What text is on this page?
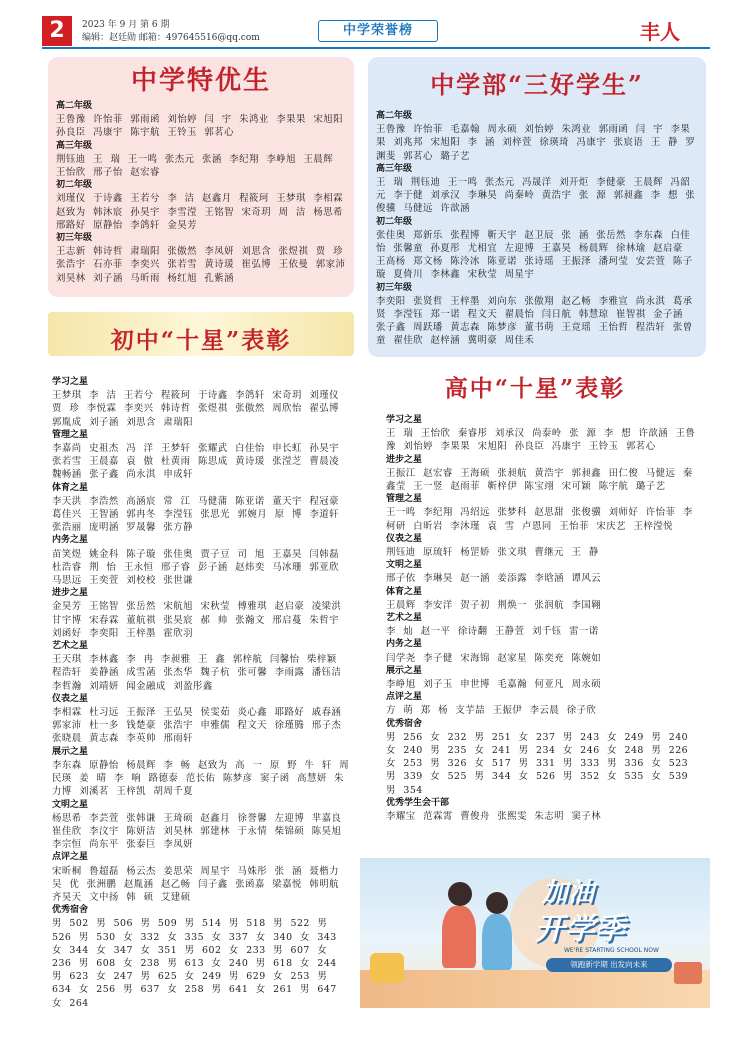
2	2023 年 9 月 第 6 期
编辑：赵廷勋 邮箱：497645516@qq.com	中学荣誉榜	丰人
中学特优生
高二年级
王鲁豫 许怡菲 郭雨函 刘怡婷 闫 宇 朱鸿业 李果果 宋旭阳 孙良臣 冯康宇 陈宇航 王铃玉 郭茗心
高三年级
荆钰迪 王 瑞 王一鸣 张杰元 张涵 李纪翔 李峥旭 王晨辉 王怡欣 邢子怡 赵宏睿
初二年级
刘瑾仪 于诗鑫 王若兮 李 洁 赵鑫月 程筱珂 王梦琪 李相霖 赵致为 韩沐宸 孙昊宇 李雪滢 王铭智 宋奇玥 周 洁 杨思希 邢路好 原静怡 李鸽轩 金昊芳
初三年级
王志新 韩诗哲 肃瑞阳 张傲然 李凤妍 刘思含 张煜祺 贾 珍 张浩宇 石亦菲 李奕兴 张若雪 黄诗瑗 崔弘博 王依曼 郭家沛 刘昊林 刘子涵 马昕雨 杨红旭 孔紫涵
中学部“三好学生”
高二年级
王鲁豫 许怡菲 毛嘉翰 周永硕 刘怡婷 朱鸿业 郭雨函 闫 宇 李果果 刘兆邦 宋旭阳 李 涵 刘梓萱 徐瑛琦 冯康宇 张宸语 王 静 罗渊斐 郭茗心 璐子艺
高三年级
王 瑞 荆钰迪 王一鸣 张杰元 冯晟洋 刘开炬 李健豪 王晨辉 冯韶元 李于健 刘承汉 李琳昊 尚秦岭 黄浩宇 张 源 郭昶鑫 李 想 张俊骥 马健远 许歆涵
初二年级
张佳奥 郑新乐 张程博 靳天宇 赵卫辰 张 涵 张岳然 李东森 白佳怡 张馨童 孙夏彤 尤相宜 左迎博 王嘉昊 杨晨辉 徐林瑜 赵启豪 王高杨 郑文杨 陈泠冰 陈亚诺 张诗瑶 王振泽 潘珂莹 安芸萱 陈子璇 夏倚川 李林鑫 宋秋莹 周星宇
初三年级
李奕阳 张贤哲 王梓墨 刘向东 张傲翔 赵乙畅 李雅宣 尚永淇 葛承贤 李滢钰 郑一诺 程文天 翟晨怡 闫日航 韩慧琼 崔智祺 金子涵 张子鑫 周跃璠 黄志森 陈梦彦 董书萌 王竞瑶 王怡哲 程浩轩 张曾童 翟佳欣 赵梓涵 冀明豪 周佳禾
初中“十星”表彰
学习之星
王梦琪 李 洁 王若兮 程筱珂 于诗鑫 李鸽轩 宋奇玥 刘瑾仪 贾 珍 李悦霖 李奕兴 韩诗哲 张煜祺 张傲然 周欣怡 翟弘博 郭胤成 刘子涵 刘思含 肃瑞阳
管理之星
李嘉尚 史祖杰 冯 洋 王梦轩 张耀武 白佳怡 申长虹 孙昊宇 张若雪 王晨嘉 袁 傲 杜黄雨 陈思成 黄诗瑗 张滢芝 曹晨凌 魏畅涵 张子鑫 尚永淇 申成轩
体育之星
李天洪 李浩然 高涵宸 常 江 马健蒲 陈亚诺 董天宇 程冠豪 葛佳兴 王智涵 郭冉冬 李滢钰 张思光 郭婉月 原 博 李道轩 张浩丽 庞明涵 罗晟馨 张方静
内务之星
苗笑煜 姚金科 陈子璇 张佳奥 贾子豆 司 旭 王嘉昊 闫韩磊 杜浩睿 荆 怡 王永恒 邢子睿 彭子涵 赵炜奕 马冰珊 郭亚欣 马思远 王奕萱 刘校校 张世谦
进步之星
金昊芳 王铭智 张岳然 宋航旭 宋秋莹 傅雅琪 赵启豪 凌梁洪 甘宇博 宋春霖 董航祺 张昊宸 郝 帅 张瀚文 邢启蔓 朱哲宇 刘函好 李奕阳 王梓墨 霍欣羽
艺术之星
王天琪 李林鑫 李 冉 李昶雅 王 鑫 郭梓航 闫馨怡 柴梓颖 程浩轩 姜静涵 成雪菡 张杰华 魏子杭 张可馨 李雨露 潘钰洁 李哲瀚 刘靖妍 闻金融成 刘盈彤鑫
仪表之星
李相霖 杜习远 王振泽 王弘昊 侯雯茹 炎心鑫 耶路好 戚春涵 郭家沛 杜一多 钱楚豪 张浩宇 申雅儒 程文天 徐瑾腾 邢子杰 张晓晨 黄志森 李英帅 邢雨轩
展示之星
李东森 原静怡 杨晨辉 李 畅 赵致为 高 一 原 野 牛 轩 周民瑛 姜 晴 李 响 路德泰 范长佑 陈梦彦 窦子函 高慧妍 朱力博 刘溪茗 王梓凯 胡周千夏
文明之星
杨思希 李芸萱 张韩谦 王琦硕 赵鑫月 徐誉馨 左迎博 芈嘉良 崔佳欣 李汶宇 陈妍洁 刘昊林 郭建林 于永情 柴锦硕 陈昊旭 李宗恒 尚东平 张泰巨 李凤妍
点评之星
宋昕桐 鲁超磊 杨云杰 姜思荣 周星宇 马姝彤 张 涵 聂楷力 吴 优 张洲鹏 赵胤涵 赵乙畅 闫子鑫 张函嘉 梁嘉悦 韩明航 齐昊天 文中扬 韩 硕 艾建硕
优秀宿舍
男 502 男 506 男 509 男 514 男 518 男 522 男 526 男 530 女 332 女 335 女 337 女 340 女 343 女 344 女 347 女 351 男 602 女 233 男 607 女 236 男 608 女 238 男 613 女 240 男 618 女 244 男 623 女 247 男 625 女 249 男 629 女 253 男 634 女 256 男 637 女 258 男 641 女 261 男 647 女 264
高中“十星”表彰
学习之星
王 瑞 王怡欣 秦睿彤 刘承汉 尚泰岭 张 源 李 想 许歆涵 王鲁豫 刘怡婷 李果果 宋旭阳 孙良臣 冯康宇 王铃玉 郭茗心
进步之星
王振江 赵宏睿 王海硕 张昶航 黄浩宇 郭昶鑫 田仁俊 马健远 秦鑫莹 王一竖 赵雨菲 靳梓伊 陈宝翊 宋可颖 陈宇航 璐子艺
管理之星
王一鸣 李纪翔 冯绍远 张梦科 赵思甜 张俊骥 刘师好 许怡菲 李柯研 白昕岩 李沐瑾 袁 雪 卢恩同 王怡菲 宋庆艺 王梓滢悦
仪表之星
荆钰迪 原琉轩 杨罡娇 张文琪 曹继元 王 静
文明之星
邢子依 李琳昊 赵一涵 姜添露 李晗涵 谭风云
体育之星
王晨辉 李安洋 贺子初 荆焕一 张润航 李国翱
艺术之星
李 灿 赵一平 徐诗翻 王静萱 刘千钰 雷一诺
内务之星
闫学尧 李子健 宋海锦 赵家星 陈奕充 陈婉如
展示之星
李峥旭 刘子玉 申世博 毛嘉瀚 何亚凡 周永硕
点评之星
方 萌 郑 杨 支芋喆 王振伊 李云晨 徐子欣
优秀宿舍
男 256 女 232 男 251 女 237 男 243 女 249 男 240 女 240 男 235 女 241 男 234 女 246 女 248 男 226 女 253 男 326 女 517 男 331 男 333 男 336 女 523 男 339 女 525 男 344 女 526 男 352 女 535 女 539 男 354
优秀学生会干部
李耀宝 范霖霄 曹俊舟 张熙雯 朱志明 窦子林
加油
开学季
WE'RE STARTING SCHOOL NOW
领跑新学期 出发向未来
